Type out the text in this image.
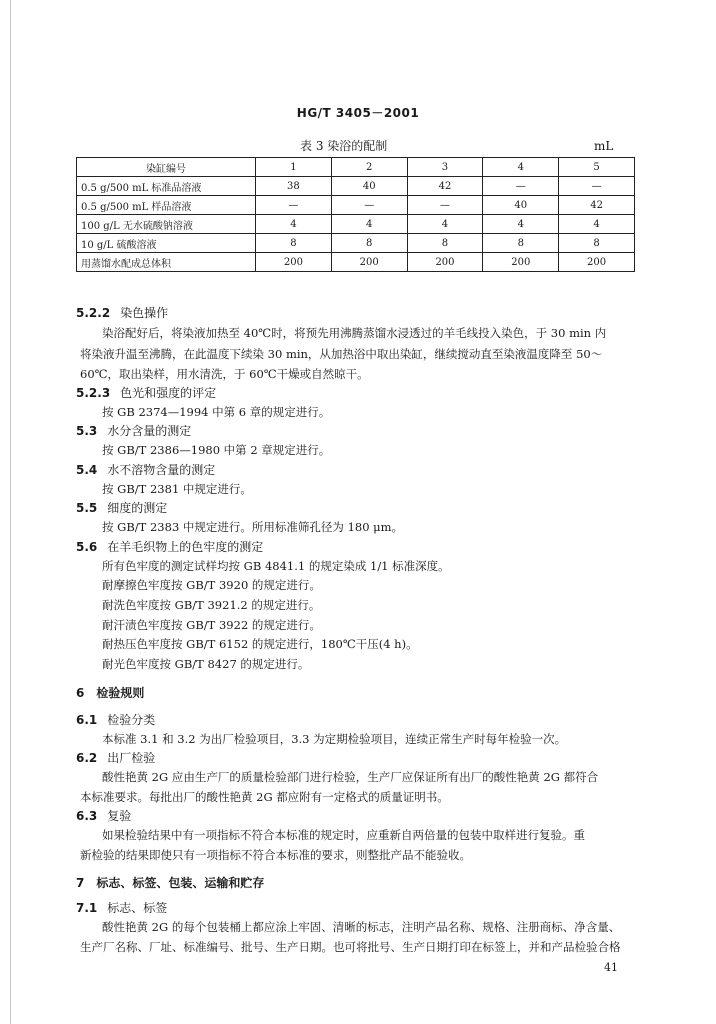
HG/T 3405－2001
表 3 染浴的配制	mL
染缸编号	1	2	3	4	5
0.5 g/500 mL 标准品溶液	38	40	42	—	—
0.5 g/500 mL 样品溶液	—	—	—	40	42
100 g/L 无水硫酸钠溶液	4	4	4	4	4
10 g/L 硫酸溶液	8	8	8	8	8
用蒸馏水配成总体积	200	200	200	200	200
5.2.2 染色操作
染浴配好后，将染液加热至 40℃时，将预先用沸腾蒸馏水浸透过的羊毛线投入染色，于 30 min 内
将染液升温至沸腾，在此温度下续染 30 min，从加热浴中取出染缸，继续搅动直至染液温度降至 50～
60℃，取出染样，用水清洗，于 60℃干燥或自然晾干。
5.2.3 色光和强度的评定
按 GB 2374—1994 中第 6 章的规定进行。
5.3 水分含量的测定
按 GB/T 2386—1980 中第 2 章规定进行。
5.4 水不溶物含量的测定
按 GB/T 2381 中规定进行。
5.5 细度的测定
按 GB/T 2383 中规定进行。所用标准筛孔径为 180 μm。
5.6 在羊毛织物上的色牢度的测定
所有色牢度的测定试样均按 GB 4841.1 的规定染成 1/1 标准深度。
耐摩擦色牢度按 GB/T 3920 的规定进行。
耐洗色牢度按 GB/T 3921.2 的规定进行。
耐汗渍色牢度按 GB/T 3922 的规定进行。
耐热压色牢度按 GB/T 6152 的规定进行，180℃干压(4 h)。
耐光色牢度按 GB/T 8427 的规定进行。
6 检验规则
6.1 检验分类
本标准 3.1 和 3.2 为出厂检验项目，3.3 为定期检验项目，连续正常生产时每年检验一次。
6.2 出厂检验
酸性艳黄 2G 应由生产厂的质量检验部门进行检验，生产厂应保证所有出厂的酸性艳黄 2G 都符合
本标准要求。每批出厂的酸性艳黄 2G 都应附有一定格式的质量证明书。
6.3 复验
如果检验结果中有一项指标不符合本标准的规定时，应重新自两倍量的包装中取样进行复验。重
新检验的结果即使只有一项指标不符合本标准的要求，则整批产品不能验收。
7 标志、标签、包装、运输和贮存
7.1 标志、标签
酸性艳黄 2G 的每个包装桶上都应涂上牢固、清晰的标志，注明产品名称、规格、注册商标、净含量、
生产厂名称、厂址、标准编号、批号、生产日期。也可将批号、生产日期打印在标签上，并和产品检验合格
41
